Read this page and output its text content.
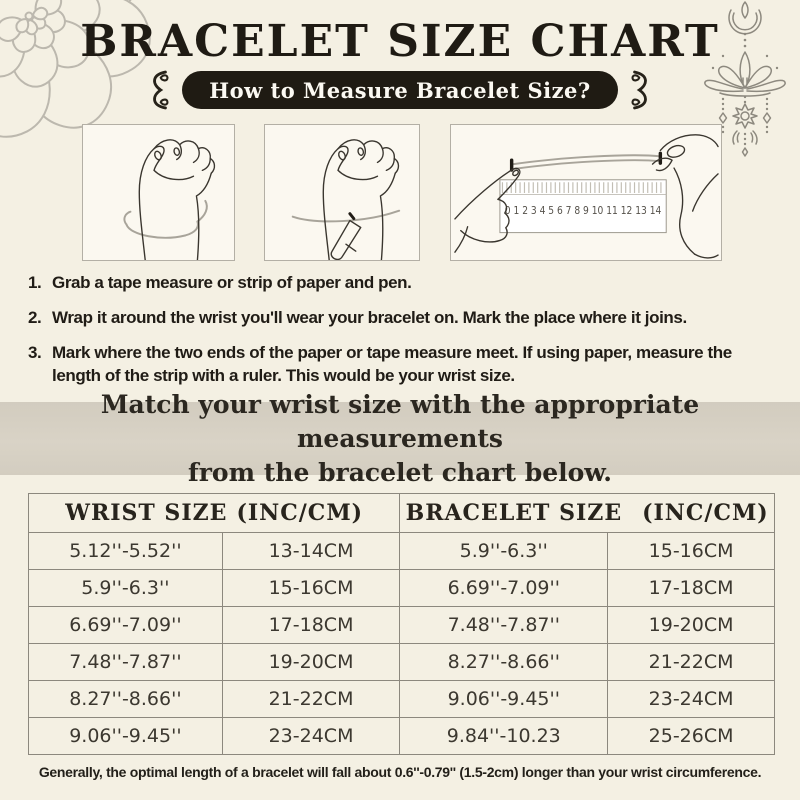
BRACELET SIZE CHART
How to Measure Bracelet Size?
0 1 2 3 4 5 6 7 8 9 10 11 12 13 14
1. Grab a tape measure or strip of paper and pen.
2. Wrap it around the wrist you'll wear your bracelet on. Mark the place where it joins.
3. Mark where the two ends of the paper or tape measure meet. If using paper, measure the length of the strip with a ruler. This would be your wrist size.
Match your wrist size with the appropriate measurements
from the bracelet chart below.
WRIST SIZE (INC/CM)		BRACELET SIZE (INC/CM)	

5.12''-5.52''	13-14CM	5.9''-6.3''	15-16CM
5.9''-6.3''	15-16CM	6.69''-7.09''	17-18CM
6.69''-7.09''	17-18CM	7.48''-7.87''	19-20CM
7.48''-7.87''	19-20CM	8.27''-8.66''	21-22CM
8.27''-8.66''	21-22CM	9.06''-9.45''	23-24CM
9.06''-9.45''	23-24CM	9.84''-10.23	25-26CM
Generally, the optimal length of a bracelet will fall about 0.6''-0.79'' (1.5-2cm) longer than your wrist circumference.
